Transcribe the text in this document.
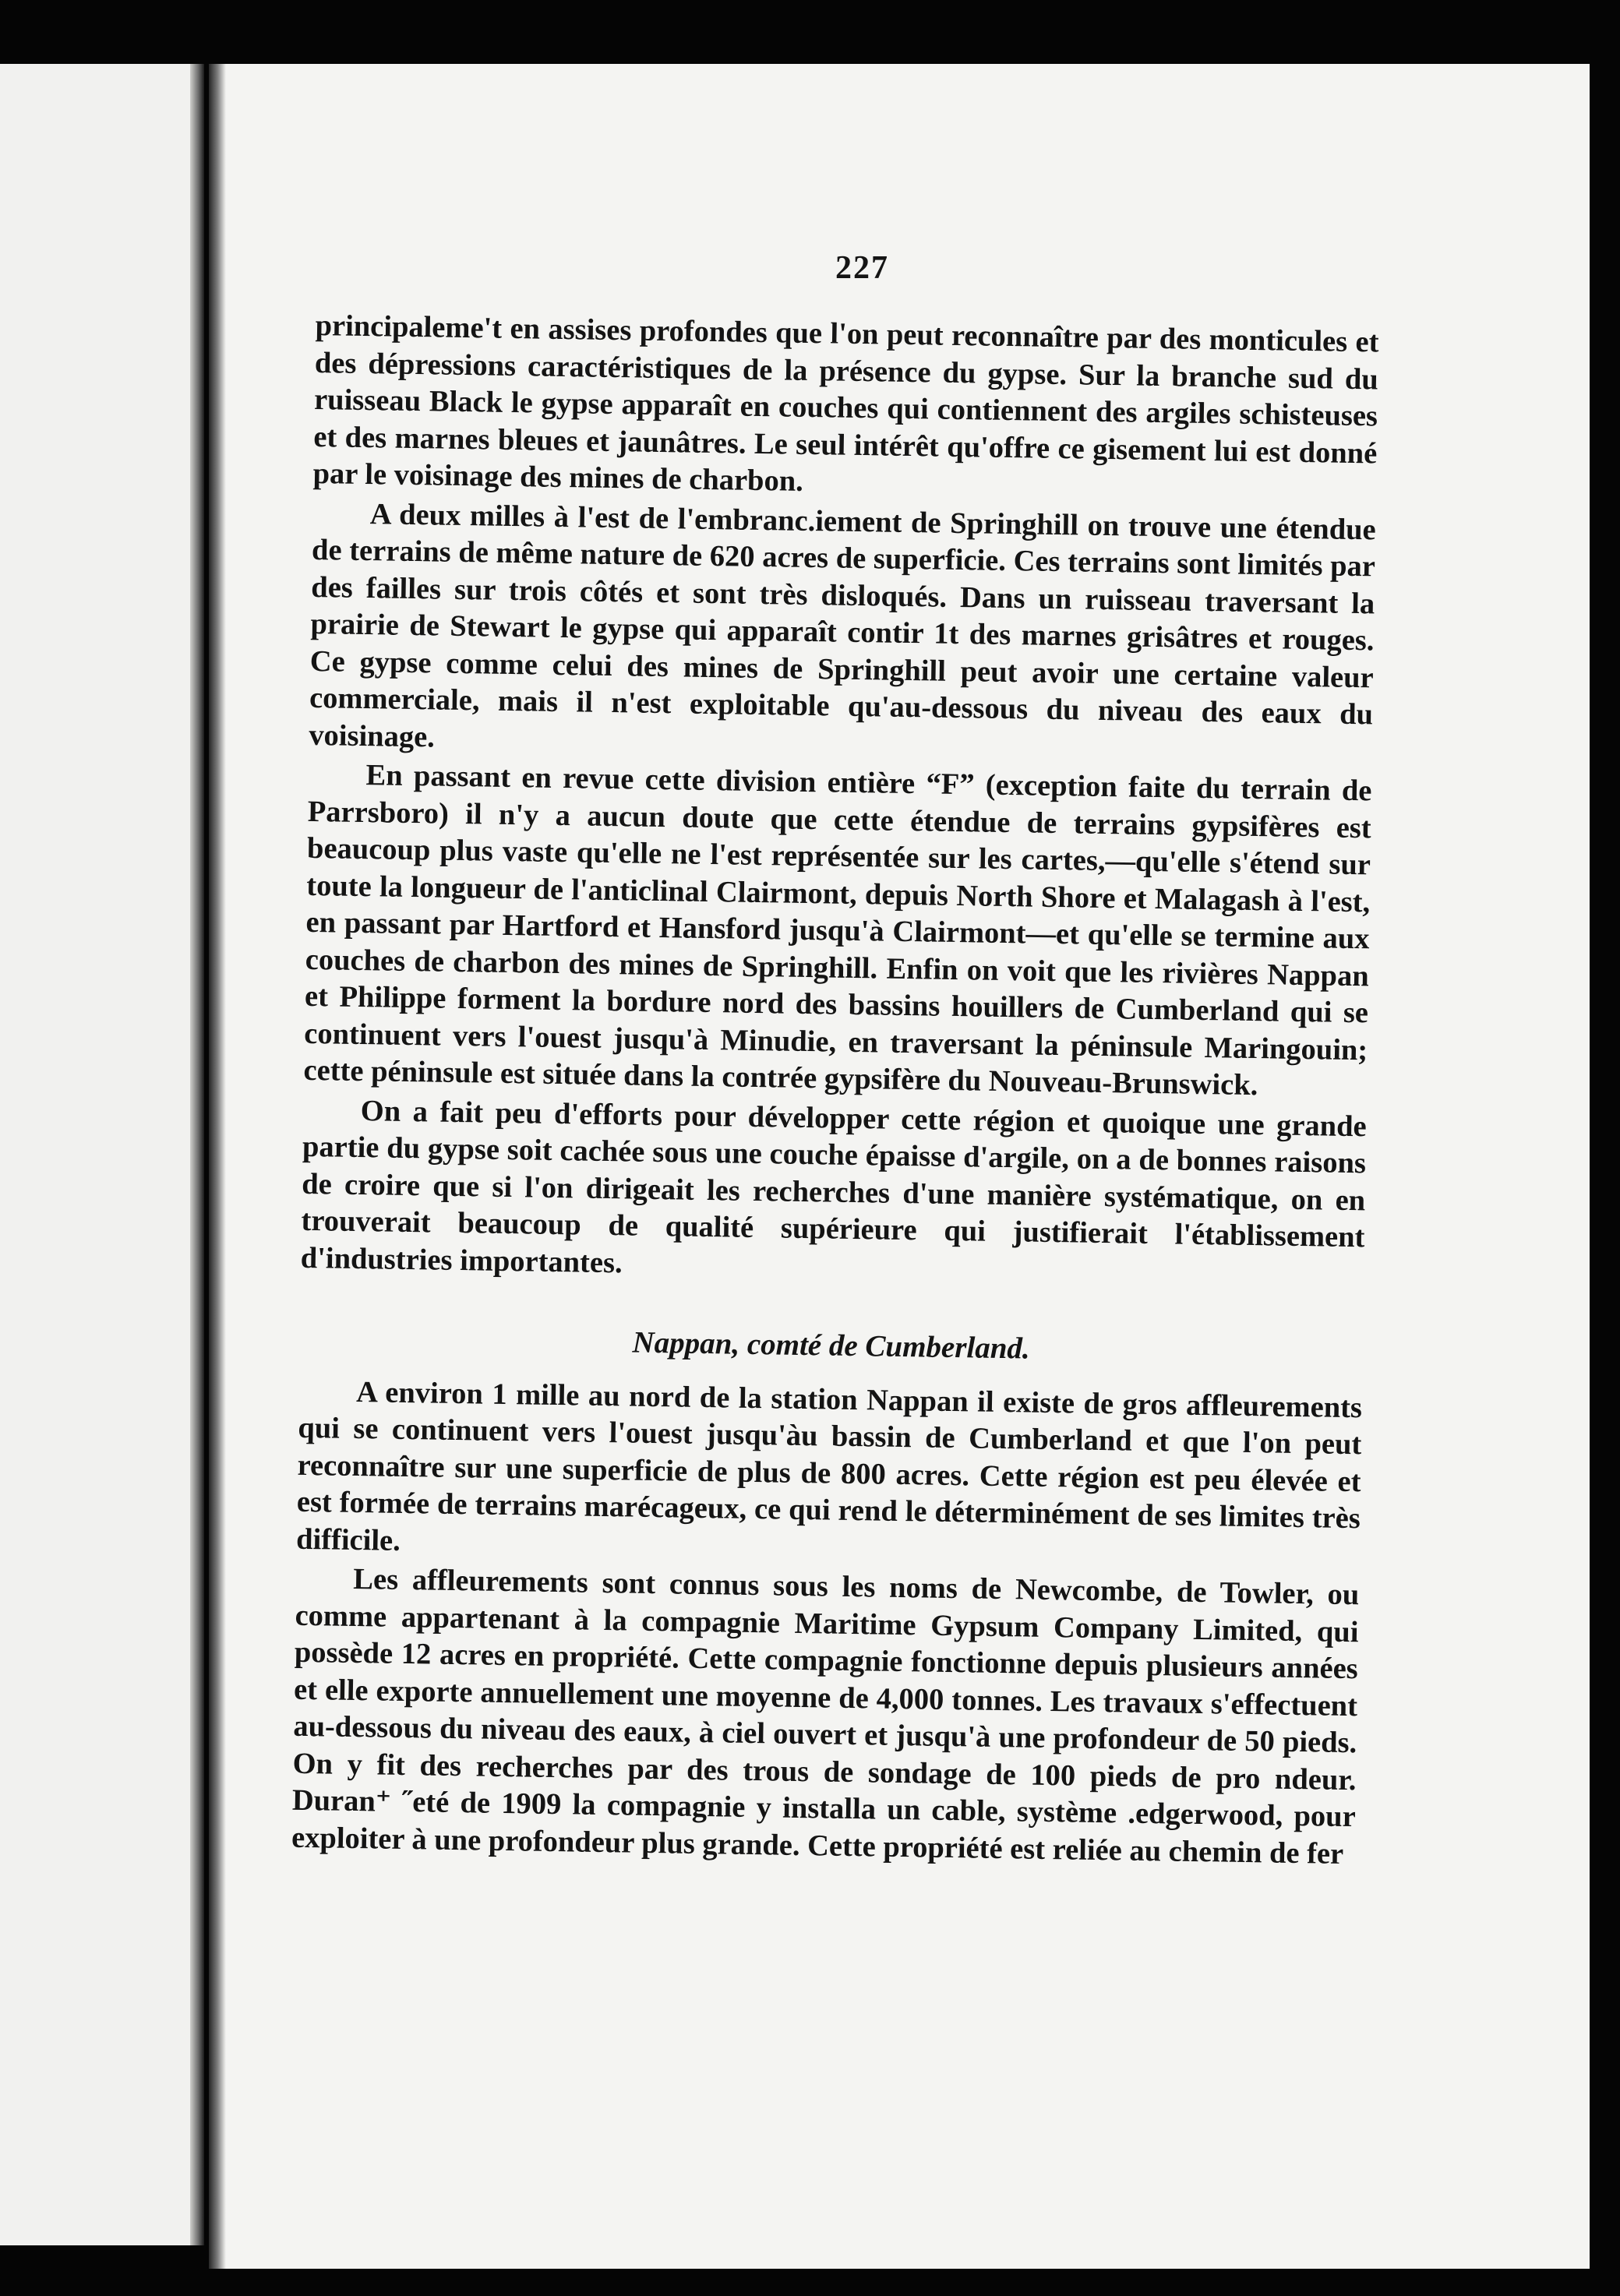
227

principaleme​'t en assises profondes que l'on peut reconnaître par des monticules et des dépressions caractéristiques de la présence du gypse. Sur la branche sud du ruisseau Black le gypse apparaît en couches qui contiennent des argiles schisteuses et des marnes bleues et jaunâtres. Le seul intérêt qu'offre ce gisement lui est donné par le voisinage des mines de charbon.

A deux milles à l'est de l'embranc.iement de Springhill on trouve une étendue de terrains de même nature de 620 acres de superficie. Ces terrains sont limités par des failles sur trois côtés et sont très disloqués. Dans un ruisseau traversant la prairie de Stewart le gypse qui apparaît contir 1t des marnes grisâtres et rouges. Ce gypse comme celui des mines de Springhill peut avoir une certaine valeur commerciale, mais il n'est exploitable qu'au-dessous du niveau des eaux du voisinage.

En passant en revue cette division entière “F” (exception faite du terrain de Parrsboro) il n'y a aucun doute que cette étendue de terrains gypsifères est beaucoup plus vaste qu'elle ne l'est représentée sur les cartes,—qu'elle s'étend sur toute la longueur de l'anticlinal Clairmont, depuis North Shore et Malagash à l'est, en passant par Hartford et Hansford jusqu'à Clairmont—et qu'elle se termine aux couches de charbon des mines de Springhill. Enfin on voit que les rivières Nappan et Philippe forment la bordure nord des bassins houillers de Cumberland qui se continuent vers l'ouest jusqu'à Minudie, en traversant la péninsule Maringouin; cette péninsule est située dans la contrée gypsifère du Nouveau-Brunswick.

On a fait peu d'efforts pour développer cette région et quoique une grande partie du gypse soit cachée sous une couche épaisse d'argile, on a de bonnes raisons de croire que si l'on dirigeait les recherches d'une manière systématique, on en trouverait beaucoup de qualité supérieure qui justifierait l'établissement d'industries importantes.

Nappan, comté de Cumberland.

A environ 1 mille au nord de la station Nappan il existe de gros affleurements qui se continuent vers l'ouest jusqu'àu bassin de Cumberland et que l'on peut reconnaître sur une superficie de plus de 800 acres. Cette région est peu élevée et est formée de terrains marécageux, ce qui rend le déterminément de ses limites très difficile.

Les affleurements sont connus sous les noms de Newcombe, de Towler, ou comme appartenant à la compagnie Maritime Gypsum Company Limited, qui possède 12 acres en propriété. Cette compagnie fonctionne depuis plusieurs années et elle exporte annuellement une moyenne de 4,000 tonnes. Les travaux s'effectuent au-dessous du niveau des eaux, à ciel ouvert et jusqu'à une profondeur de 50 pieds. On y fit des recherches par des trous de sondage de 100 pieds de pro ndeur. Duran⁺ ˝eté de 1909 la compagnie y installa un cable, système .edgerwood, pour exploiter à une profondeur plus grande. Cette propriété est reliée au chemin de fer
